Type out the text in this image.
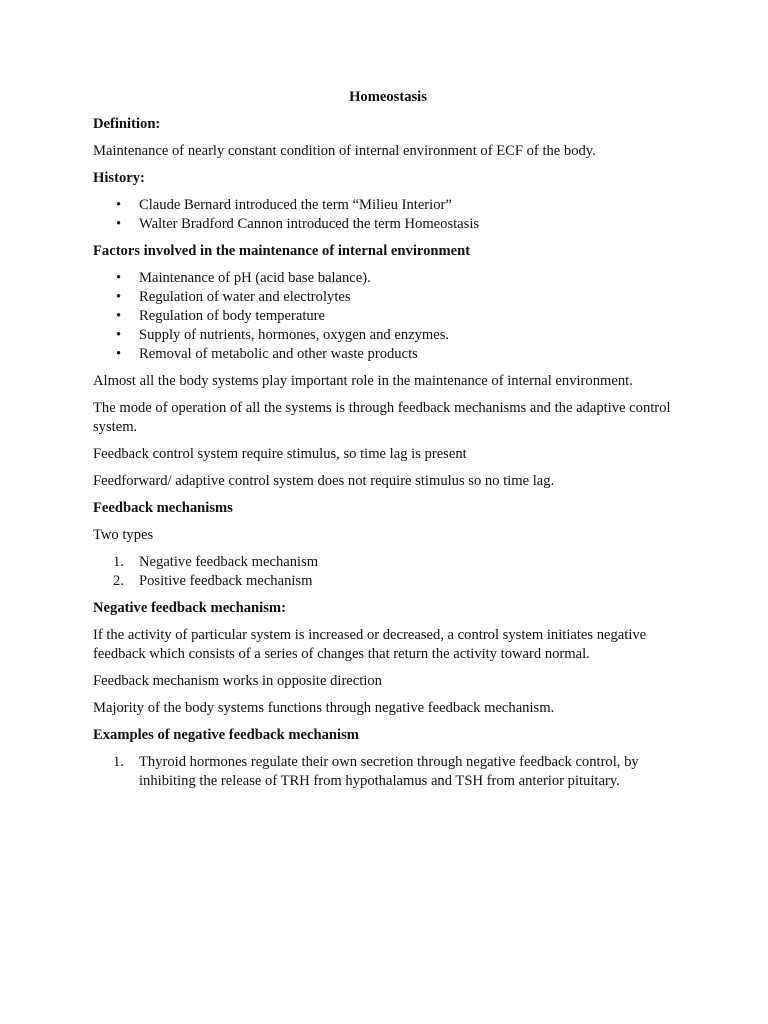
Homeostasis
Definition:
Maintenance of nearly constant condition of internal environment of ECF of the body.
History:
• Claude Bernard introduced the term “Milieu Interior”
• Walter Bradford Cannon introduced the term Homeostasis
Factors involved in the maintenance of internal environment
• Maintenance of pH (acid base balance).
• Regulation of water and electrolytes
• Regulation of body temperature
• Supply of nutrients, hormones, oxygen and enzymes.
• Removal of metabolic and other waste products
Almost all the body systems play important role in the maintenance of internal environment.
The mode of operation of all the systems is through feedback mechanisms and the adaptive control system.
Feedback control system require stimulus, so time lag is present
Feedforward/ adaptive control system does not require stimulus so no time lag.
Feedback mechanisms
Two types
1. Negative feedback mechanism
2. Positive feedback mechanism
Negative feedback mechanism:
If the activity of particular system is increased or decreased, a control system initiates negative feedback which consists of a series of changes that return the activity toward normal.
Feedback mechanism works in opposite direction
Majority of the body systems functions through negative feedback mechanism.
Examples of negative feedback mechanism
1. Thyroid hormones regulate their own secretion through negative feedback control, by inhibiting the release of TRH from hypothalamus and TSH from anterior pituitary.
